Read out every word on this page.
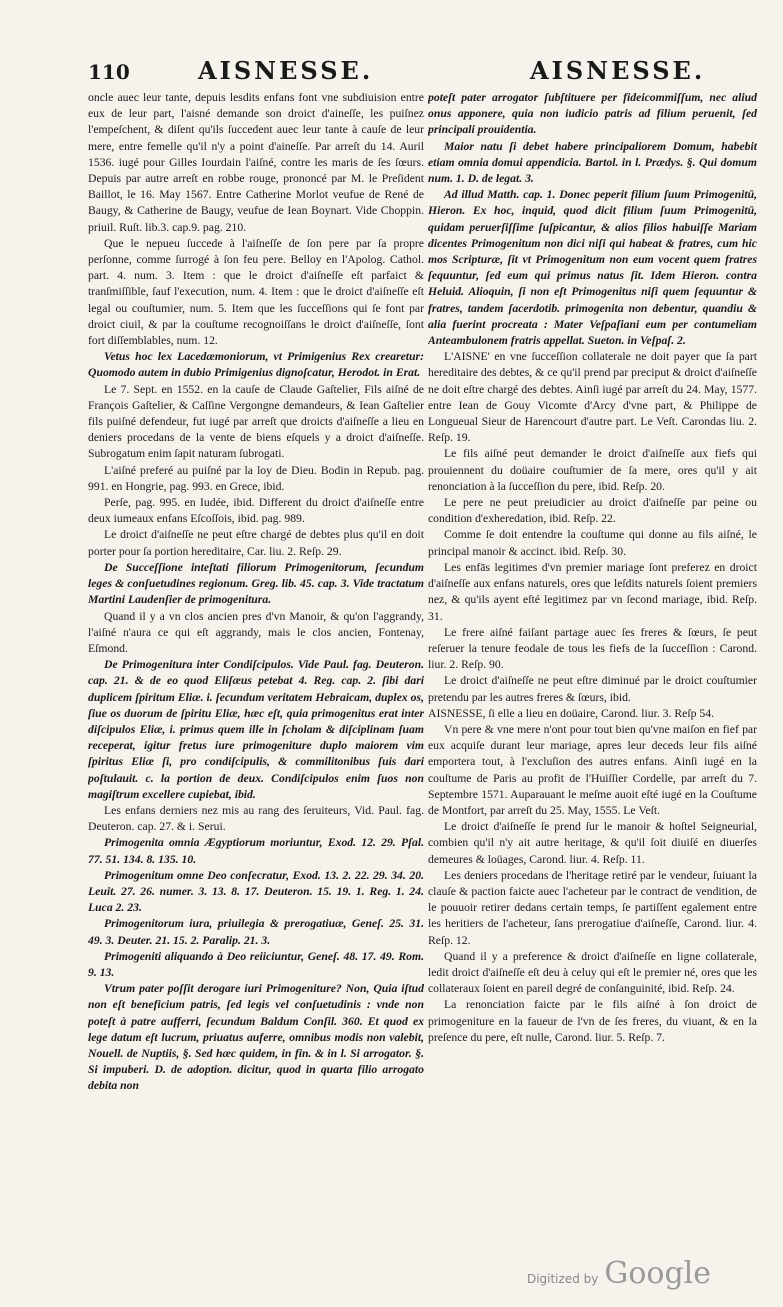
110	AISNESSE.	AISNESSE.

oncle auec leur tante, depuis lesdits enfans font vne subdiuision entre eux de leur part, l'aisné demande son droict d'aineſſe, les puiſnez l'empeſchent, & diſent qu'ils ſuccedent auec leur tante à cauſe de leur mere, entre femelle qu'il n'y a point d'aineſſe. Par arreſt du 14. Auril 1536. iugé pour Gilles Iourdain l'aiſné, contre les maris de ſes ſœurs. Depuis par autre arreſt en robbe rouge, prononcé par M. le Preſident Baillot, le 16. May 1567. Entre Catherine Morlot veufue de René de Baugy, & Catherine de Baugy, veufue de Iean Boynart. Vide Choppin. priuil. Ruſt. lib.3. cap.9. pag. 210.

Que le nepueu ſuccede à l'aiſneſſe de ſon pere par ſa propre perſonne, comme ſurrogé à ſon feu pere. Belloy en l'Apolog. Cathol. part. 4. num. 3. Item : que le droict d'aiſneſſe eſt parfaict & tranſmiſſible, ſauf l'execution, num. 4. Item : que le droict d'aiſneſſe eſt legal ou couſtumier, num. 5. Item que les ſucceſſions qui ſe font par droict ciuil, & par la couſtume recognoiſſans le droict d'aiſneſſe, ſont fort diſſemblables, num. 12.

Vetus hoc lex Lacedæmoniorum, vt Primigenius Rex crearetur: Quomodo autem in dubio Primigenius dignoſcatur, Herodot. in Erat.

Le 7. Sept. en 1552. en la cauſe de Claude Gaſtelier, Fils aiſné de François Gaſtelier, & Caſſine Vergongne demandeurs, & Iean Gaſtelier fils puiſné defendeur, fut iugé par arreſt que droicts d'aiſneſſe a lieu en deniers procedans de la vente de biens eſquels y a droict d'aiſneſſe. Subrogatum enim ſapit naturam ſubrogati.

L'aiſné preferé au puiſné par la loy de Dieu. Bodin in Repub. pag. 991. en Hongrie, pag. 993. en Grece, ibid.

Perſe, pag. 995. en Iudée, ibid. Different du droict d'aiſneſſe entre deux iumeaux enfans Eſcoſſois, ibid. pag. 989.

Le droict d'aiſneſſe ne peut eſtre chargé de debtes plus qu'il en doit porter pour ſa portion hereditaire, Car. liu. 2. Reſp. 29.

De Succeſſione inteſtati filiorum Primogenitorum, ſecundum leges & conſuetudines regionum. Greg. lib. 45. cap. 3. Vide tractatum Martini Laudenſier de primogenitura.

Quand il y a vn clos ancien pres d'vn Manoir, & qu'on l'aggrandy, l'aiſné n'aura ce qui eſt aggrandy, mais le clos ancien, Fontenay, Eſmond.

De Primogenitura inter Condiſcipulos. Vide Paul. fag. Deuteron. cap. 21. & de eo quod Eliſæus petebat 4. Reg. cap. 2. ſibi dari duplicem ſpiritum Eliæ. i. ſecundum veritatem Hebraicam, duplex os, ſiue os duorum de ſpiritu Eliæ, hæc eſt, quia primogenitus erat inter diſcipulos Eliæ, i. primus quem ille in ſcholam & diſciplinam ſuam receperat, igitur fretus iure primogeniture duplo maiorem vim ſpiritus Eliæ ſi, pro condiſcipulis, & commilitonibus ſuis dari poſtulauit. c. la portion de deux. Condiſcipulos enim ſuos non magiſtrum excellere cupiebat, ibid.

Les enfans derniers nez mis au rang des ſeruiteurs, Vid. Paul. fag. Deuteron. cap. 27. & i. Serui.

Primogenita omnia Ægyptiorum moriuntur, Exod. 12. 29. Pſal. 77. 51. 134. 8. 135. 10.

Primogenitum omne Deo conſecratur, Exod. 13. 2. 22. 29. 34. 20. Leuit. 27. 26. numer. 3. 13. 8. 17. Deuteron. 15. 19. 1. Reg. 1. 24. Luca 2. 23.

Primogenitorum iura, priuilegia & prerogatiuæ, Geneſ. 25. 31. 49. 3. Deuter. 21. 15. 2. Paralip. 21. 3.

Primogeniti aliquando à Deo reiiciuntur, Geneſ. 48. 17. 49. Rom. 9. 13.

Vtrum pater poſſit derogare iuri Primogeniture? Non, Quia iſtud non eſt beneficium patris, ſed legis vel conſuetudinis : vnde non poteſt à patre aufferri, ſecundum Baldum Conſil. 360. Et quod ex lege datum eſt lucrum, priuatus auferre, omnibus modis non valebit, Nouell. de Nuptiis, §. Sed hæc quidem, in fin. & in l. Si arrogator. §. Si impuberi. D. de adoption. dicitur, quod in quarta filio arrogato debita non

poteſt pater arrogator ſubſtituere per fideicommiſſum, nec aliud onus apponere, quia non iudicio patris ad filium peruenit, ſed principali prouidentia.

Maior natu ſi debet habere principaliorem Domum, habebit etiam omnia domui appendicia. Bartol. in l. Prædys. §. Qui domum num. 1. D. de legat. 3.

Ad illud Matth. cap. 1. Donec peperit filium ſuum Primogenitū, Hieron. Ex hoc, inquid, quod dicit filium ſuum Primogenitū, quidam peruerſiſſime ſuſpicantur, & alios filios habuiſſe Mariam dicentes Primogenitum non dici niſi qui habeat & fratres, cum hic mos Scripturæ, ſit vt Primogenitum non eum vocent quem fratres ſequuntur, ſed eum qui primus natus ſit. Idem Hieron. contra Heluid. Alioquin, ſi non eſt Primogenitus niſi quem ſequuntur & fratres, tandem ſacerdotib. primogenita non debentur, quandiu & alia fuerint procreata : Mater Veſpaſiani eum per contumeliam Anteambulonem fratris appellat. Sueton. in Veſpaſ. 2.

L'AISNE' en vne ſucceſſion collaterale ne doit payer que ſa part hereditaire des debtes, & ce qu'il prend par preciput & droict d'aiſneſſe ne doit eſtre chargé des debtes. Ainſi iugé par arreſt du 24. May, 1577. entre Iean de Gouy Vicomte d'Arcy d'vne part, & Philippe de Longueual Sieur de Harencourt d'autre part. Le Veſt. Carondas liu. 2. Reſp. 19.

Le fils aiſné peut demander le droict d'aiſneſſe aux fiefs qui prouiennent du doüaire couſtumier de ſa mere, ores qu'il y ait renonciation à la ſucceſſion du pere, ibid. Reſp. 20.

Le pere ne peut preiudicier au droict d'aiſneſſe par peine ou condition d'exheredation, ibid. Reſp. 22.

Comme ſe doit entendre la couſtume qui donne au fils aiſné, le principal manoir & accinct. ibid. Reſp. 30.

Les enfās legitimes d'vn premier mariage ſont preferez en droict d'aiſneſſe aux enfans naturels, ores que leſdits naturels ſoient premiers nez, & qu'ils ayent eſté legitimez par vn ſecond mariage, ibid. Reſp. 31.

Le frere aiſné faiſant partage auec ſes freres & ſœurs, ſe peut reſeruer la tenure feodale de tous les fiefs de la ſucceſſion : Carond. liur. 2. Reſp. 90.

Le droict d'aiſneſſe ne peut eſtre diminué par le droict couſtumier pretendu par les autres freres & ſœurs, ibid.

AISNESSE, ſi elle a lieu en doüaire, Carond. liur. 3. Reſp 54.

Vn pere & vne mere n'ont pour tout bien qu'vne maiſon en fief par eux acquiſe durant leur mariage, apres leur deceds leur fils aiſné emportera tout, à l'excluſion des autres enfans. Ainſi iugé en la couſtume de Paris au profit de l'Huiſſier Cordelle, par arreſt du 7. Septembre 1571. Auparauant le meſme auoit eſté iugé en la Couſtume de Montfort, par arreſt du 25. May, 1555. Le Veſt.

Le droict d'aiſneſſe ſe prend ſur le manoir & hoſtel Seigneurial, combien qu'il n'y ait autre heritage, & qu'il ſoit diuiſé en diuerſes demeures & loüages, Carond. liur. 4. Reſp. 11.

Les deniers procedans de l'heritage retiré par le vendeur, ſuiuant la clauſe & paction faicte auec l'acheteur par le contract de vendition, de le pouuoir retirer dedans certain temps, ſe partiſſent egalement entre les heritiers de l'acheteur, ſans prerogatiue d'aiſneſſe, Carond. liur. 4. Reſp. 12.

Quand il y a preference & droict d'aiſneſſe en ligne collaterale, ledit droict d'aiſneſſe eſt deu à celuy qui eſt le premier né, ores que les collateraux ſoient en pareil degré de conſanguinité, ibid. Reſp. 24.

La renonciation faicte par le fils aiſné à ſon droict de primogeniture en la faueur de l'vn de ſes freres, du viuant, & en la preſence du pere, eſt nulle, Carond. liur. 5. Reſp. 7.

Digitized by Google
